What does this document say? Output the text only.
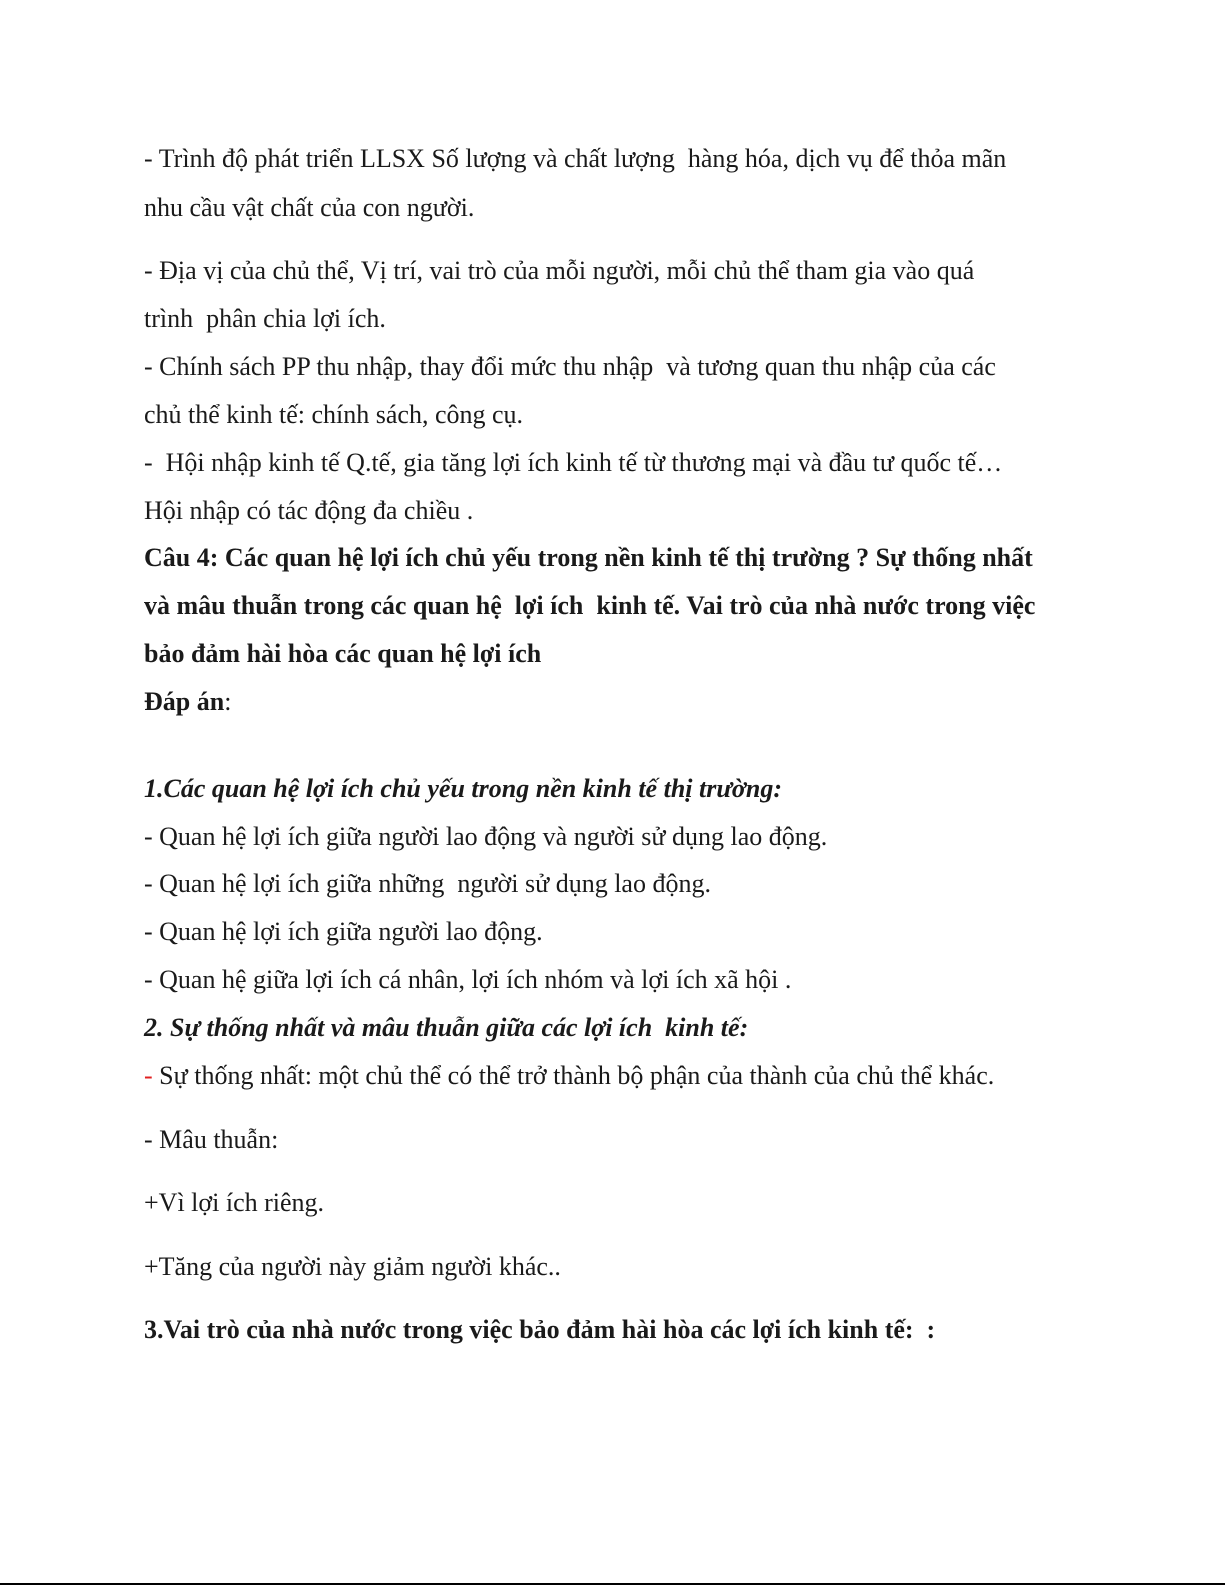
- Trình độ phát triển LLSX Số lượng và chất lượng  hàng hóa, dịch vụ để thỏa mãn
nhu cầu vật chất của con người.
- Địa vị của chủ thể, Vị trí, vai trò của mỗi người, mỗi chủ thể tham gia vào quá
trình  phân chia lợi ích.
- Chính sách PP thu nhập, thay đổi mức thu nhập  và tương quan thu nhập của các
chủ thể kinh tế: chính sách, công cụ.
-  Hội nhập kinh tế Q.tế, gia tăng lợi ích kinh tế từ thương mại và đầu tư quốc tế…
Hội nhập có tác động đa chiều .
Câu 4: Các quan hệ lợi ích chủ yếu trong nền kinh tế thị trường ? Sự thống nhất
và mâu thuẫn trong các quan hệ  lợi ích  kinh tế. Vai trò của nhà nước trong việc
bảo đảm hài hòa các quan hệ lợi ích
Đáp án:
1.Các quan hệ lợi ích chủ yếu trong nền kinh tế thị trường:
- Quan hệ lợi ích giữa người lao động và người sử dụng lao động.
- Quan hệ lợi ích giữa những  người sử dụng lao động.
- Quan hệ lợi ích giữa người lao động.
- Quan hệ giữa lợi ích cá nhân, lợi ích nhóm và lợi ích xã hội .
2. Sự thống nhất và mâu thuẫn giữa các lợi ích  kinh tế:
- Sự thống nhất: một chủ thể có thể trở thành bộ phận của thành của chủ thể khác.
- Mâu thuẫn:
+Vì lợi ích riêng.
+Tăng của người này giảm người khác..
3.Vai trò của nhà nước trong việc bảo đảm hài hòa các lợi ích kinh tế:  :
